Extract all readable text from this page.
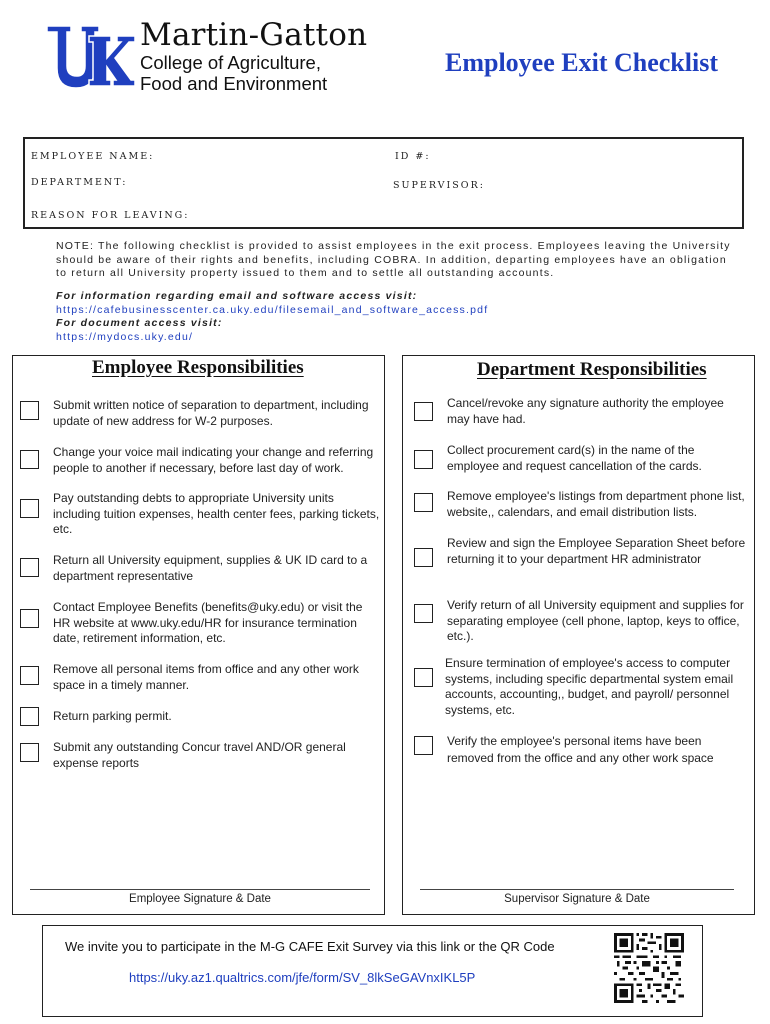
Martin-Gatton
College of Agriculture,
Food and Environment
Employee Exit Checklist
EMPLOYEE NAME:	ID #:
DEPARTMENT:	SUPERVISOR:
REASON FOR LEAVING:
NOTE: The following checklist is provided to assist employees in the exit process. Employees leaving the University should be aware of their rights and benefits, including COBRA. In addition, departing employees have an obligation to return all University property issued to them and to settle all outstanding accounts.
For information regarding email and software access visit:
https://cafebusinesscenter.ca.uky.edu/filesemail_and_software_access.pdf
For document access visit:
https://mydocs.uky.edu/
Employee Responsibilities	Department Responsibilities
Submit written notice of separation to department, including update of new address for W-2 purposes.
Change your voice mail indicating your change and referring people to another if necessary, before last day of work.
Pay outstanding debts to appropriate University units including tuition expenses, health center fees, parking tickets, etc.
Return all University equipment, supplies & UK ID card to a department representative
Contact Employee Benefits (benefits@uky.edu) or visit the HR website at www.uky.edu/HR for insurance termination date, retirement information, etc.
Remove all personal items from office and any other work space in a timely manner.
Return parking permit.
Submit any outstanding Concur travel AND/OR general expense reports
Cancel/revoke any signature authority the employee may have had.
Collect procurement card(s) in the name of the employee and request cancellation of the cards.
Remove employee's listings from department phone list, website,, calendars, and email distribution lists.
Review and sign the Employee Separation Sheet before returning it to your department HR administrator
Verify return of all University equipment and supplies for separating employee (cell phone, laptop, keys to office, etc.).
Ensure termination of employee's access to computer systems, including specific departmental system email accounts, accounting,, budget, and payroll/ personnel systems, etc.
Verify the employee's personal items have been removed from the office and any other work space
Employee Signature & Date	Supervisor Signature & Date
We invite you to participate in the M-G CAFE Exit Survey via this link or the QR Code
https://uky.az1.qualtrics.com/jfe/form/SV_8lkSeGAVnxIKL5P
